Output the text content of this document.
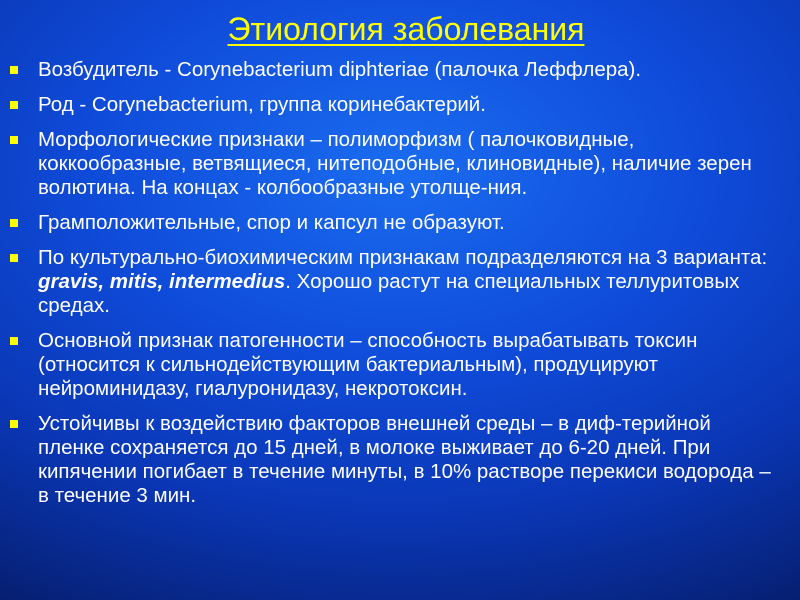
Этиология заболевания
Возбудитель - Corynebacterium diphteriae (палочка Леффлера).
Род - Corynebacterium, группа коринебактерий.
Морфологические признаки – полиморфизм ( палочковидные, коккообразные, ветвящиеся, нитеподобные, клиновидные), наличие зерен волютина. На концах - колбообразные утолще-ния.
Грамположительные, спор и капсул не образуют.
По культурально-биохимическим признакам подразделяются на 3 варианта: gravis, mitis, intermedius. Хорошо растут на специальных теллуритовых средах.
Основной признак патогенности – способность вырабатывать токсин (относится к сильнодействующим бактериальным), продуцируют нейроминидазу, гиалуронидазу, некротоксин.
Устойчивы к воздействию факторов внешней среды – в диф-терийной пленке сохраняется до 15 дней, в молоке выживает до 6-20 дней. При кипячении погибает в течение минуты, в 10% растворе перекиси водорода – в течение 3 мин.
